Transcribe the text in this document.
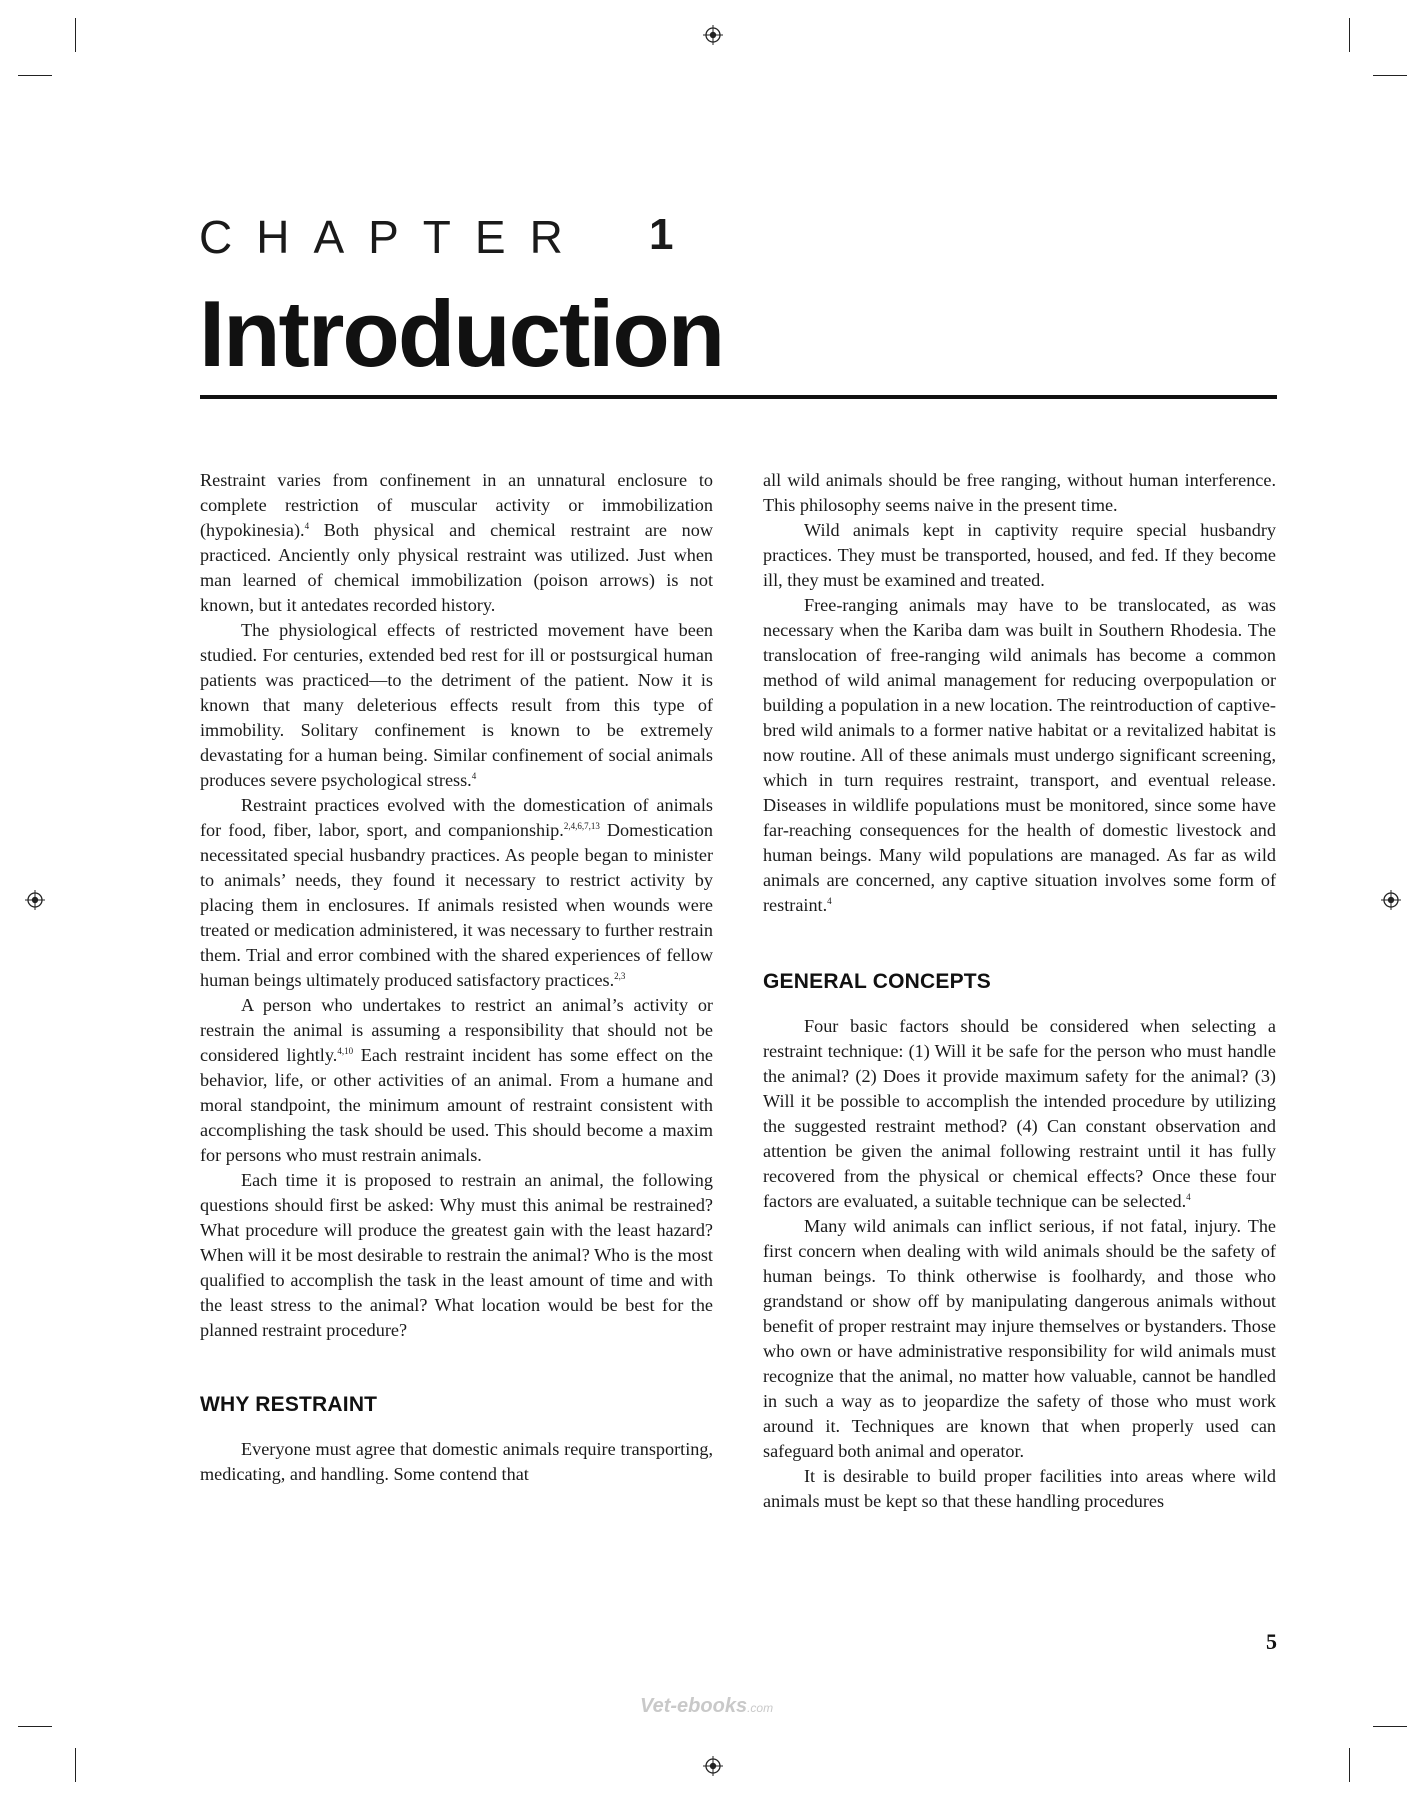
CHAPTER 1
Introduction

Restraint varies from confinement in an unnatural enclosure to complete restriction of muscular activity or immobilization (hypokinesia).$^4$ Both physical and chemical restraint are now practiced. Anciently only physical restraint was utilized. Just when man learned of chemical immobilization (poison arrows) is not known, but it antedates recorded history.

The physiological effects of restricted movement have been studied. For centuries, extended bed rest for ill or postsurgical human patients was practiced—to the detriment of the patient. Now it is known that many deleterious effects result from this type of immobility. Solitary confinement is known to be extremely devastating for a human being. Similar confinement of social animals produces severe psychological stress.$^4$

Restraint practices evolved with the domestication of animals for food, fiber, labor, sport, and companionship.$^{2,4,6,7,13}$ Domestication necessitated special husbandry practices. As people began to minister to animals’ needs, they found it necessary to restrict activity by placing them in enclosures. If animals resisted when wounds were treated or medication administered, it was necessary to further restrain them. Trial and error combined with the shared experiences of fellow human beings ultimately produced satisfactory practices.$^{2,3}$

A person who undertakes to restrict an animal’s activity or restrain the animal is assuming a responsibility that should not be considered lightly.$^{4,10}$ Each restraint incident has some effect on the behavior, life, or other activities of an animal. From a humane and moral standpoint, the minimum amount of restraint consistent with accomplishing the task should be used. This should become a maxim for persons who must restrain animals.

Each time it is proposed to restrain an animal, the following questions should first be asked: Why must this animal be restrained? What procedure will produce the greatest gain with the least hazard? When will it be most desirable to restrain the animal? Who is the most qualified to accomplish the task in the least amount of time and with the least stress to the animal? What location would be best for the planned restraint procedure?

WHY RESTRAINT

Everyone must agree that domestic animals require transporting, medicating, and handling. Some contend that

all wild animals should be free ranging, without human interference. This philosophy seems naive in the present time.

Wild animals kept in captivity require special husbandry practices. They must be transported, housed, and fed. If they become ill, they must be examined and treated.

Free-ranging animals may have to be translocated, as was necessary when the Kariba dam was built in Southern Rhodesia. The translocation of free-ranging wild animals has become a common method of wild animal management for reducing overpopulation or building a population in a new location. The reintroduction of captive-bred wild animals to a former native habitat or a revitalized habitat is now routine. All of these animals must undergo significant screening, which in turn requires restraint, transport, and eventual release. Diseases in wildlife populations must be monitored, since some have far-reaching consequences for the health of domestic livestock and human beings. Many wild populations are managed. As far as wild animals are concerned, any captive situation involves some form of restraint.$^4$

GENERAL CONCEPTS

Four basic factors should be considered when selecting a restraint technique: (1) Will it be safe for the person who must handle the animal? (2) Does it provide maximum safety for the animal? (3) Will it be possible to accomplish the intended procedure by utilizing the suggested restraint method? (4) Can constant observation and attention be given the animal following restraint until it has fully recovered from the physical or chemical effects? Once these four factors are evaluated, a suitable technique can be selected.$^4$

Many wild animals can inflict serious, if not fatal, injury. The first concern when dealing with wild animals should be the safety of human beings. To think otherwise is foolhardy, and those who grandstand or show off by manipulating dangerous animals without benefit of proper restraint may injure themselves or bystanders. Those who own or have administrative responsibility for wild animals must recognize that the animal, no matter how valuable, cannot be handled in such a way as to jeopardize the safety of those who must work around it. Techniques are known that when properly used can safeguard both animal and operator.

It is desirable to build proper facilities into areas where wild animals must be kept so that these handling procedures

5
Vet-ebooks .com
